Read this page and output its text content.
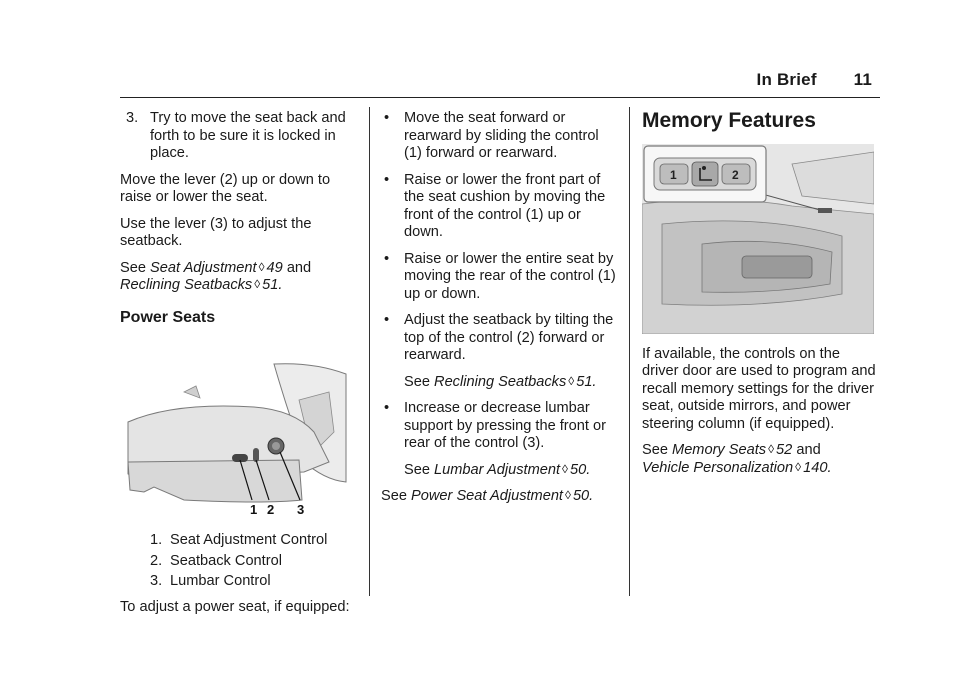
In Brief 11
3. Try to move the seat back and forth to be sure it is locked in place.

Move the lever (2) up or down to raise or lower the seat.

Use the lever (3) to adjust the seatback.

See Seat Adjustment ◊ 49 and
Reclining Seatbacks ◊ 51.

Power Seats
1 2 3
1. Seat Adjustment Control
2. Seatback Control
3. Lumbar Control

To adjust a power seat, if equipped:

•	Move the seat forward or rearward by sliding the control (1) forward or rearward.
•	Raise or lower the front part of the seat cushion by moving the front of the control (1) up or down.
•	Raise or lower the entire seat by moving the rear of the control (1) up or down.
•	Adjust the seatback by tilting the top of the control (2) forward or rearward.
See Reclining Seatbacks ◊ 51.
•	Increase or decrease lumbar support by pressing the front or rear of the control (3).
See Lumbar Adjustment ◊ 50.

See Power Seat Adjustment ◊ 50.

Memory Features
1	2

If available, the controls on the driver door are used to program and recall memory settings for the driver seat, outside mirrors, and power steering column (if equipped).

See Memory Seats ◊ 52 and
Vehicle Personalization ◊ 140.
